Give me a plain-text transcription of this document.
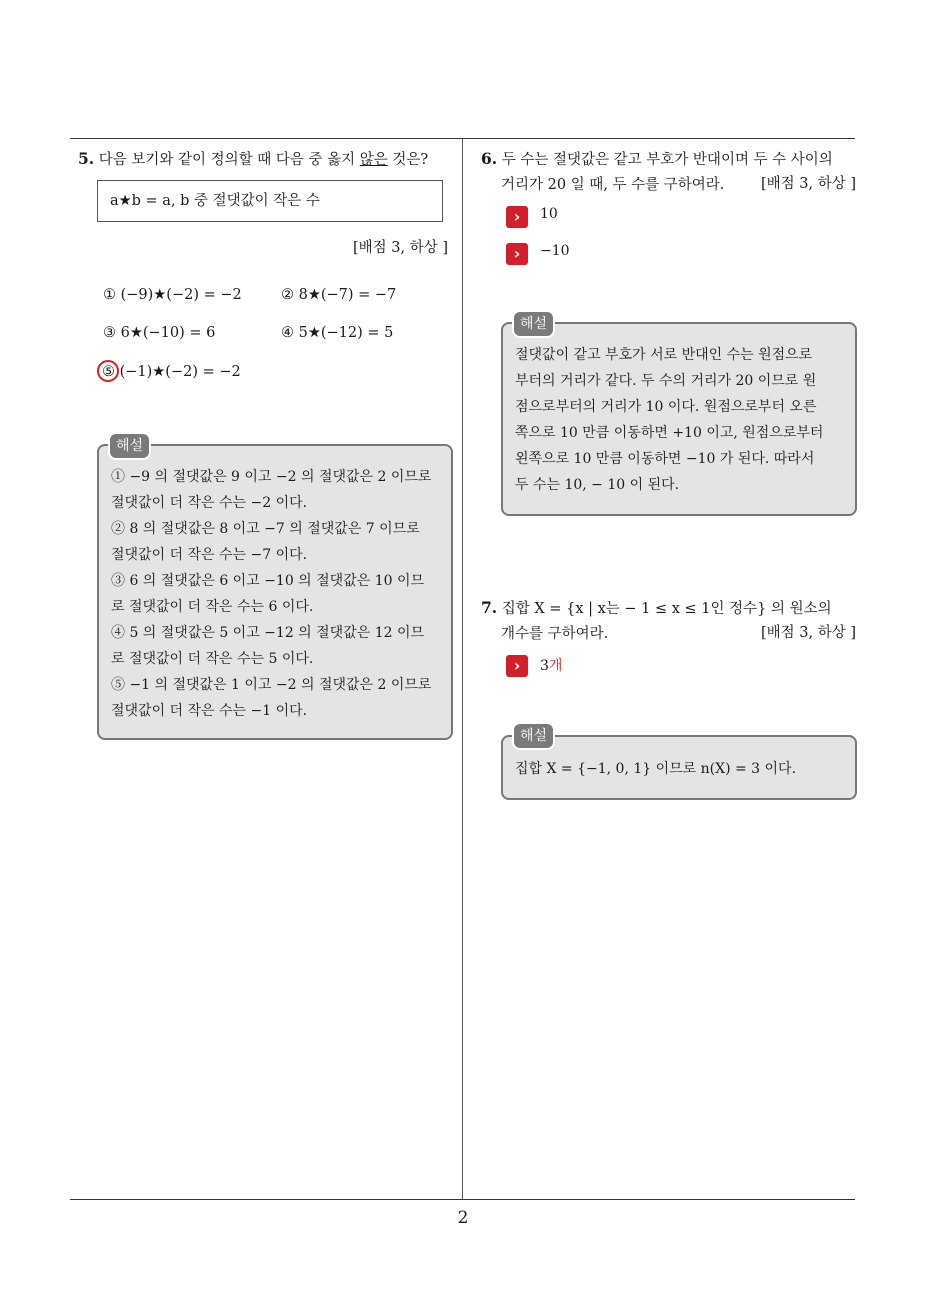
2
5. 다음 보기와 같이 정의할 때 다음 중 옳지 않은 것은?
a★b = a, b 중 절댓값이 작은 수
[배점 3, 하상 ]
① (−9)★(−2) = −2	② 8★(−7) = −7
③ 6★(−10) = 6	④ 5★(−12) = 5
⑤ (−1)★(−2) = −2
① −9 의 절댓값은 9 이고 −2 의 절댓값은 2 이므로
절댓값이 더 작은 수는 −2 이다.
② 8 의 절댓값은 8 이고 −7 의 절댓값은 7 이므로
절댓값이 더 작은 수는 −7 이다.
③ 6 의 절댓값은 6 이고 −10 의 절댓값은 10 이므
로 절댓값이 더 작은 수는 6 이다.
④ 5 의 절댓값은 5 이고 −12 의 절댓값은 12 이므
로 절댓값이 더 작은 수는 5 이다.
⑤ −1 의 절댓값은 1 이고 −2 의 절댓값은 2 이므로
절댓값이 더 작은 수는 −1 이다.
해설
6. 두 수는 절댓값은 같고 부호가 반대이며 두 수 사이의
거리가 20 일 때, 두 수를 구하여라.	[배점 3, 하상 ]
›	10
›	−10
절댓값이 같고 부호가 서로 반대인 수는 원점으로
부터의 거리가 같다. 두 수의 거리가 20 이므로 원
점으로부터의 거리가 10 이다. 원점으로부터 오른
쪽으로 10 만큼 이동하면 +10 이고, 원점으로부터
왼쪽으로 10 만큼 이동하면 −10 가 된다. 따라서
두 수는 10, − 10 이 된다.
해설
7. 집합 X = {x | x는 − 1 ≤ x ≤ 1인 정수} 의 원소의
개수를 구하여라.	[배점 3, 하상 ]
›	3개
집합 X = {−1, 0, 1} 이므로 n(X) = 3 이다.
해설
